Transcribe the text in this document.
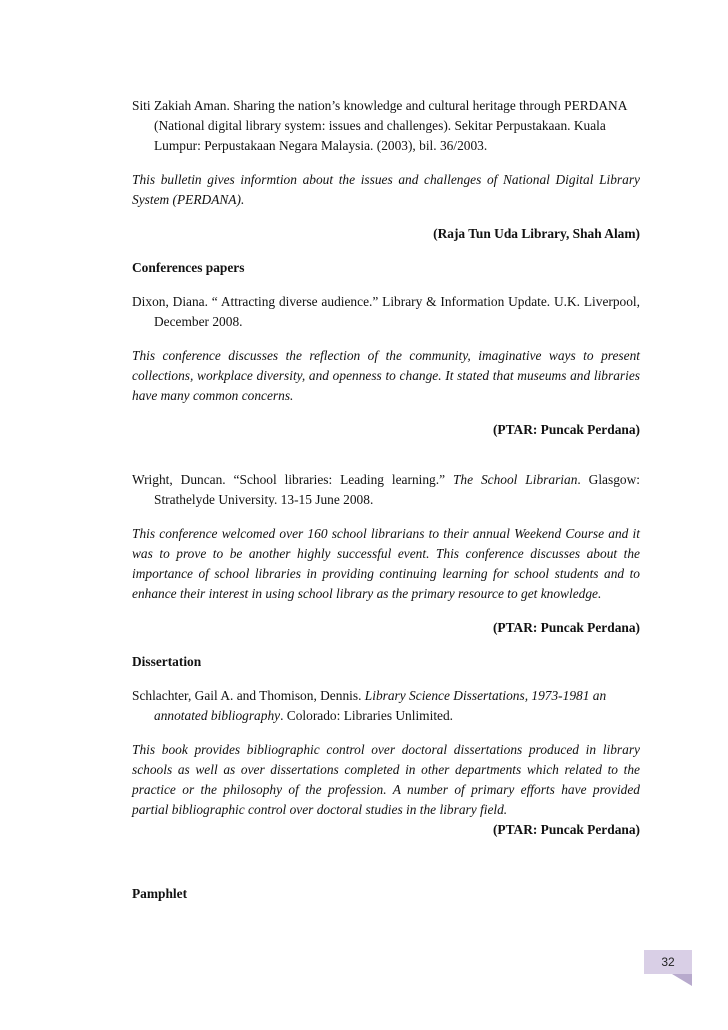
Siti Zakiah Aman. Sharing the nation’s knowledge and cultural heritage through PERDANA (National digital library system: issues and challenges). Sekitar Perpustakaan. Kuala Lumpur: Perpustakaan Negara Malaysia. (2003), bil. 36/2003.

This bulletin gives informtion about the issues and challenges of National Digital Library System (PERDANA).

(Raja Tun Uda Library, Shah Alam)

Conferences papers

Dixon, Diana. “ Attracting diverse audience.” Library & Information Update. U.K. Liverpool, December 2008.

This conference discusses the reflection of the community, imaginative ways to present collections, workplace diversity, and openness to change. It stated that museums and libraries have many common concerns.

(PTAR: Puncak Perdana)

Wright, Duncan. “School libraries: Leading learning.” The School Librarian. Glasgow: Strathelyde University. 13-15 June 2008.

This conference welcomed over 160 school librarians to their annual Weekend Course and it was to prove to be another highly successful event. This conference discusses about the importance of school libraries in providing continuing learning for school students and to enhance their interest in using school library as the primary resource to get knowledge.

(PTAR: Puncak Perdana)

Dissertation

Schlachter, Gail A. and Thomison, Dennis. Library Science Dissertations, 1973-1981 an annotated bibliography. Colorado: Libraries Unlimited.

This book provides bibliographic control over doctoral dissertations produced in library schools as well as over dissertations completed in other departments which related to the practice or the philosophy of the profession. A number of primary efforts have provided partial bibliographic control over doctoral studies in the library field.

(PTAR: Puncak Perdana)

Pamphlet

32
